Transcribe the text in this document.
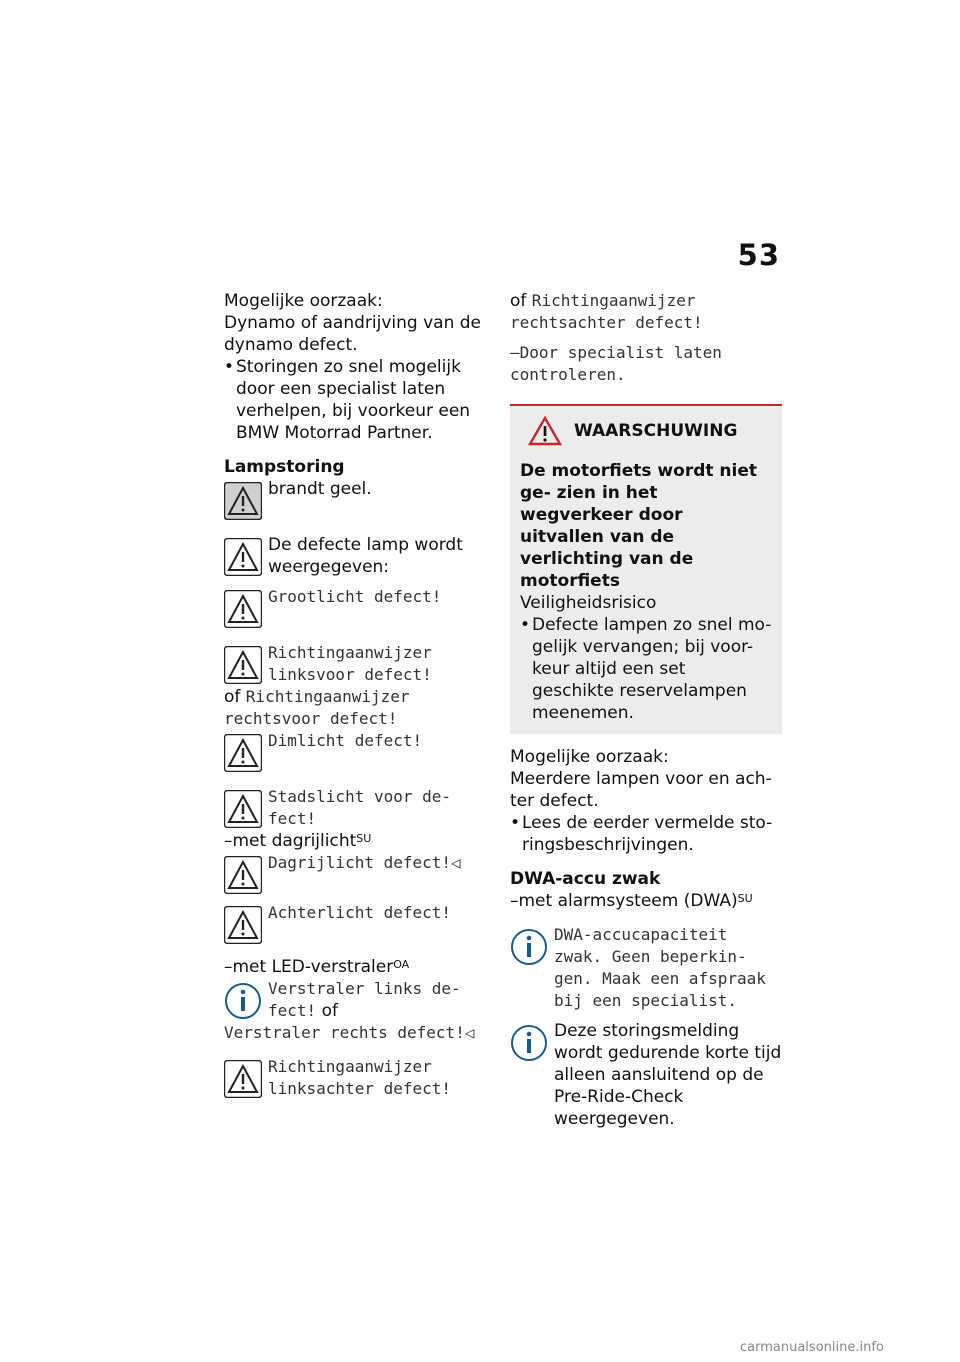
53

Mogelijke oorzaak:

Dynamo of aandrijving van de dynamo defect.

• Storingen zo snel mogelijk door een specialist laten verhelpen, bij voorkeur een BMW Motorrad Partner.

Lampstoring

brandt geel.
De defecte lamp wordt weergegeven:
Grootlicht defect!
Richtingaanwijzer linksvoor defect!

of Richtingaanwijzer rechtsvoor defect!

Dimlicht defect!
Stadslicht voor de- fect!

–met dagrijlicht$^{SU}$

Dagrijlicht defect!◁
Achterlicht defect!

–met LED-verstraler$^{OA}$

Verstraler links de- fect! of

Verstraler rechts defect!◁

Richtingaanwijzer linksachter defect!

of Richtingaanwijzer rechtsachter defect!

–Door specialist laten controleren.

WAARSCHUWING

De motorfiets wordt niet ge- zien in het wegverkeer door uitvallen van de verlichting van de motorfiets

Veiligheidsrisico

• Defecte lampen zo snel mo- gelijk vervangen; bij voor- keur altijd een set geschikte reservelampen meenemen.

Mogelijke oorzaak:

Meerdere lampen voor en ach- ter defect.

• Lees de eerder vermelde sto- ringsbeschrijvingen.

DWA-accu zwak

–met alarmsysteem (DWA)$^{SU}$

DWA-accucapaciteit zwak. Geen beperkin- gen. Maak een afspraak bij een specialist.
Deze storingsmelding wordt gedurende korte tijd alleen aansluitend op de Pre-Ride-Check weergegeven.
carmanualsonline.info
